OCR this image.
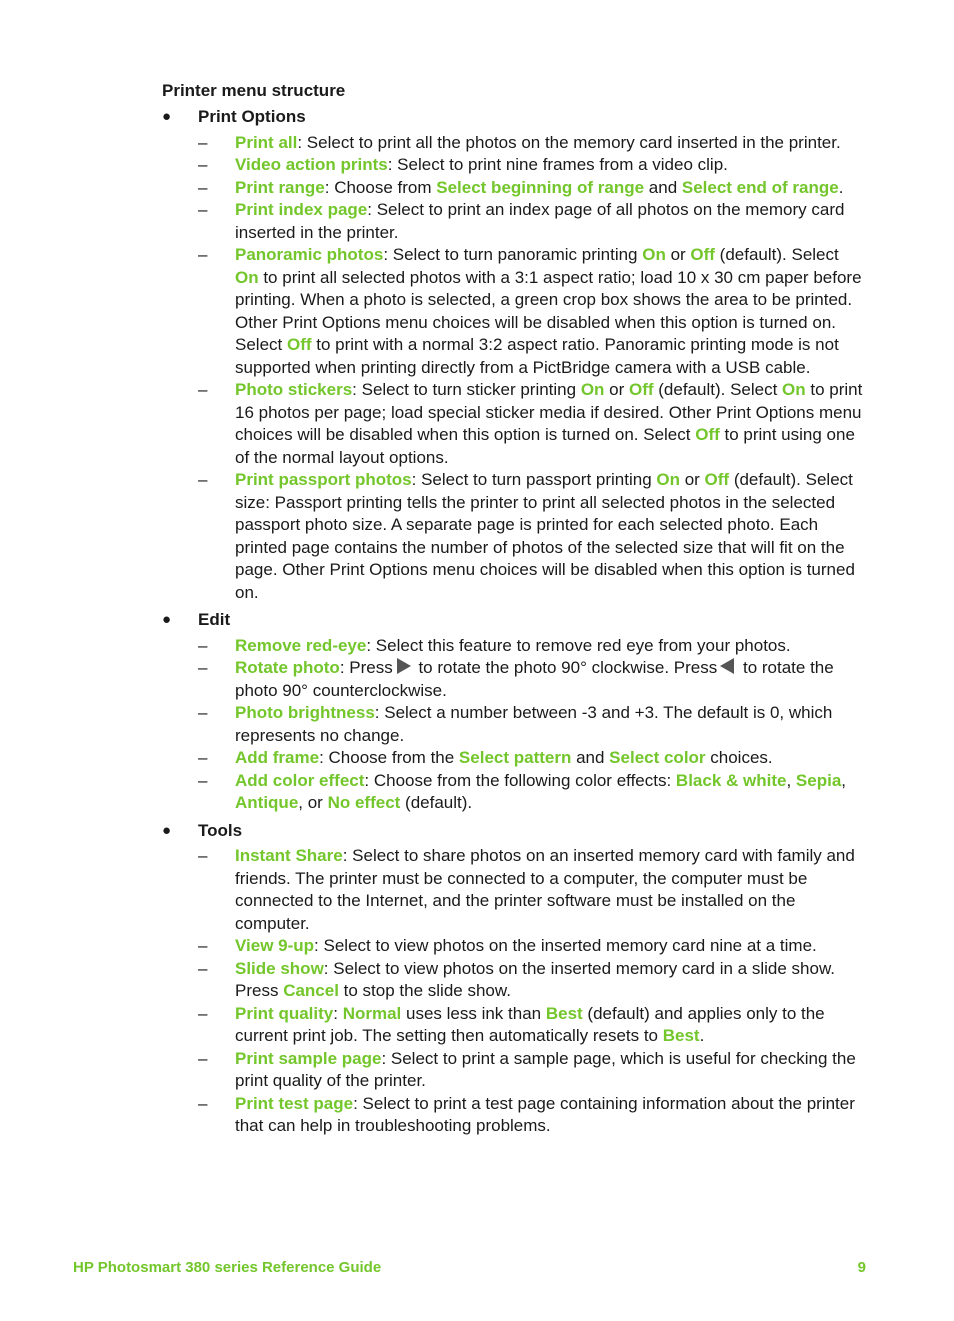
Printer menu structure
● Print Options
– Print all: Select to print all the photos on the memory card inserted in the printer.
– Video action prints: Select to print nine frames from a video clip.
– Print range: Choose from Select beginning of range and Select end of range.
– Print index page: Select to print an index page of all photos on the memory card inserted in the printer.
– Panoramic photos: Select to turn panoramic printing On or Off (default). Select On to print all selected photos with a 3:1 aspect ratio; load 10 x 30 cm paper before printing. When a photo is selected, a green crop box shows the area to be printed. Other Print Options menu choices will be disabled when this option is turned on. Select Off to print with a normal 3:2 aspect ratio. Panoramic printing mode is not supported when printing directly from a PictBridge camera with a USB cable.
– Photo stickers: Select to turn sticker printing On or Off (default). Select On to print 16 photos per page; load special sticker media if desired. Other Print Options menu choices will be disabled when this option is turned on. Select Off to print using one of the normal layout options.
– Print passport photos: Select to turn passport printing On or Off (default). Select size: Passport printing tells the printer to print all selected photos in the selected passport photo size. A separate page is printed for each selected photo. Each printed page contains the number of photos of the selected size that will fit on the page. Other Print Options menu choices will be disabled when this option is turned on.
● Edit
– Remove red-eye: Select this feature to remove red eye from your photos.
– Rotate photo: Press to rotate the photo 90° clockwise. Press to rotate the photo 90° counterclockwise.
– Photo brightness: Select a number between -3 and +3. The default is 0, which represents no change.
– Add frame: Choose from the Select pattern and Select color choices.
– Add color effect: Choose from the following color effects: Black & white, Sepia, Antique, or No effect (default).
● Tools
– Instant Share: Select to share photos on an inserted memory card with family and friends. The printer must be connected to a computer, the computer must be connected to the Internet, and the printer software must be installed on the computer.
– View 9-up: Select to view photos on the inserted memory card nine at a time.
– Slide show: Select to view photos on the inserted memory card in a slide show. Press Cancel to stop the slide show.
– Print quality: Normal uses less ink than Best (default) and applies only to the current print job. The setting then automatically resets to Best.
– Print sample page: Select to print a sample page, which is useful for checking the print quality of the printer.
– Print test page: Select to print a test page containing information about the printer that can help in troubleshooting problems.
HP Photosmart 380 series Reference Guide	9
